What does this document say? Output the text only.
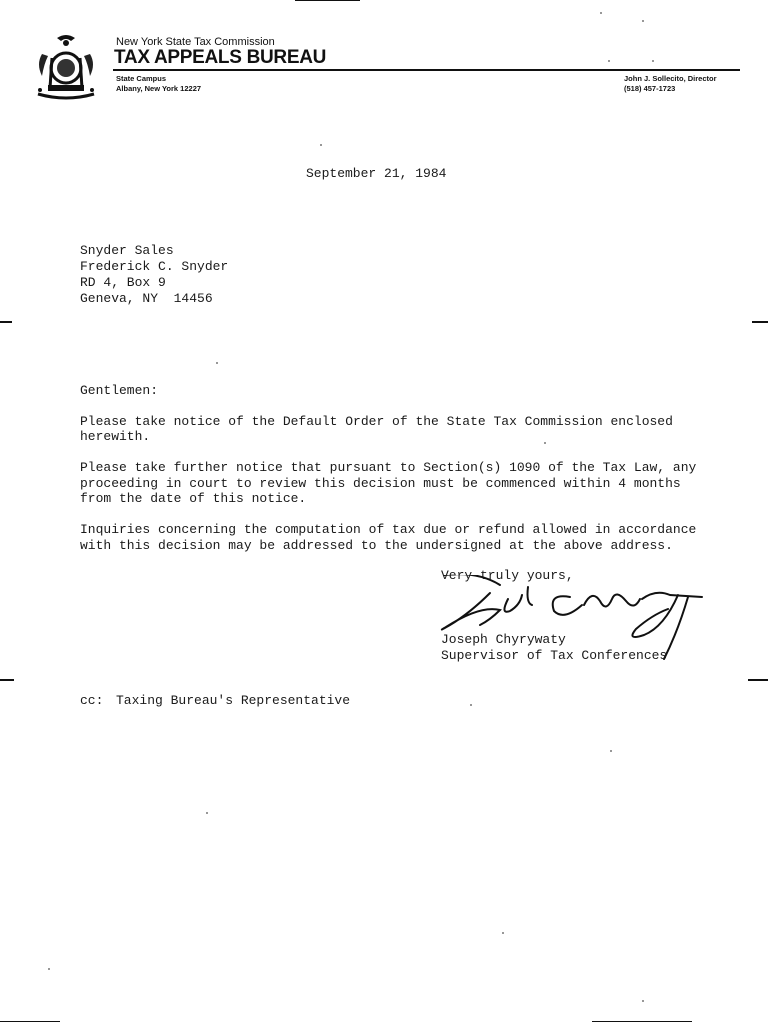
New York State Tax Commission
TAX APPEALS BUREAU
State Campus
Albany, New York 12227
John J. Sollecito, Director
(518) 457-1723
September 21, 1984
Snyder Sales
Frederick C. Snyder
RD 4, Box 9
Geneva, NY  14456
Gentlemen:
Please take notice of the Default Order of the State Tax Commission enclosed
herewith.
Please take further notice that pursuant to Section(s) 1090 of the Tax Law, any
proceeding in court to review this decision must be commenced within 4 months
from the date of this notice.
Inquiries concerning the computation of tax due or refund allowed in accordance
with this decision may be addressed to the undersigned at the above address.
Very truly yours,
Joseph Chyrywaty
Supervisor of Tax Conferences
cc: Taxing Bureau's Representative
